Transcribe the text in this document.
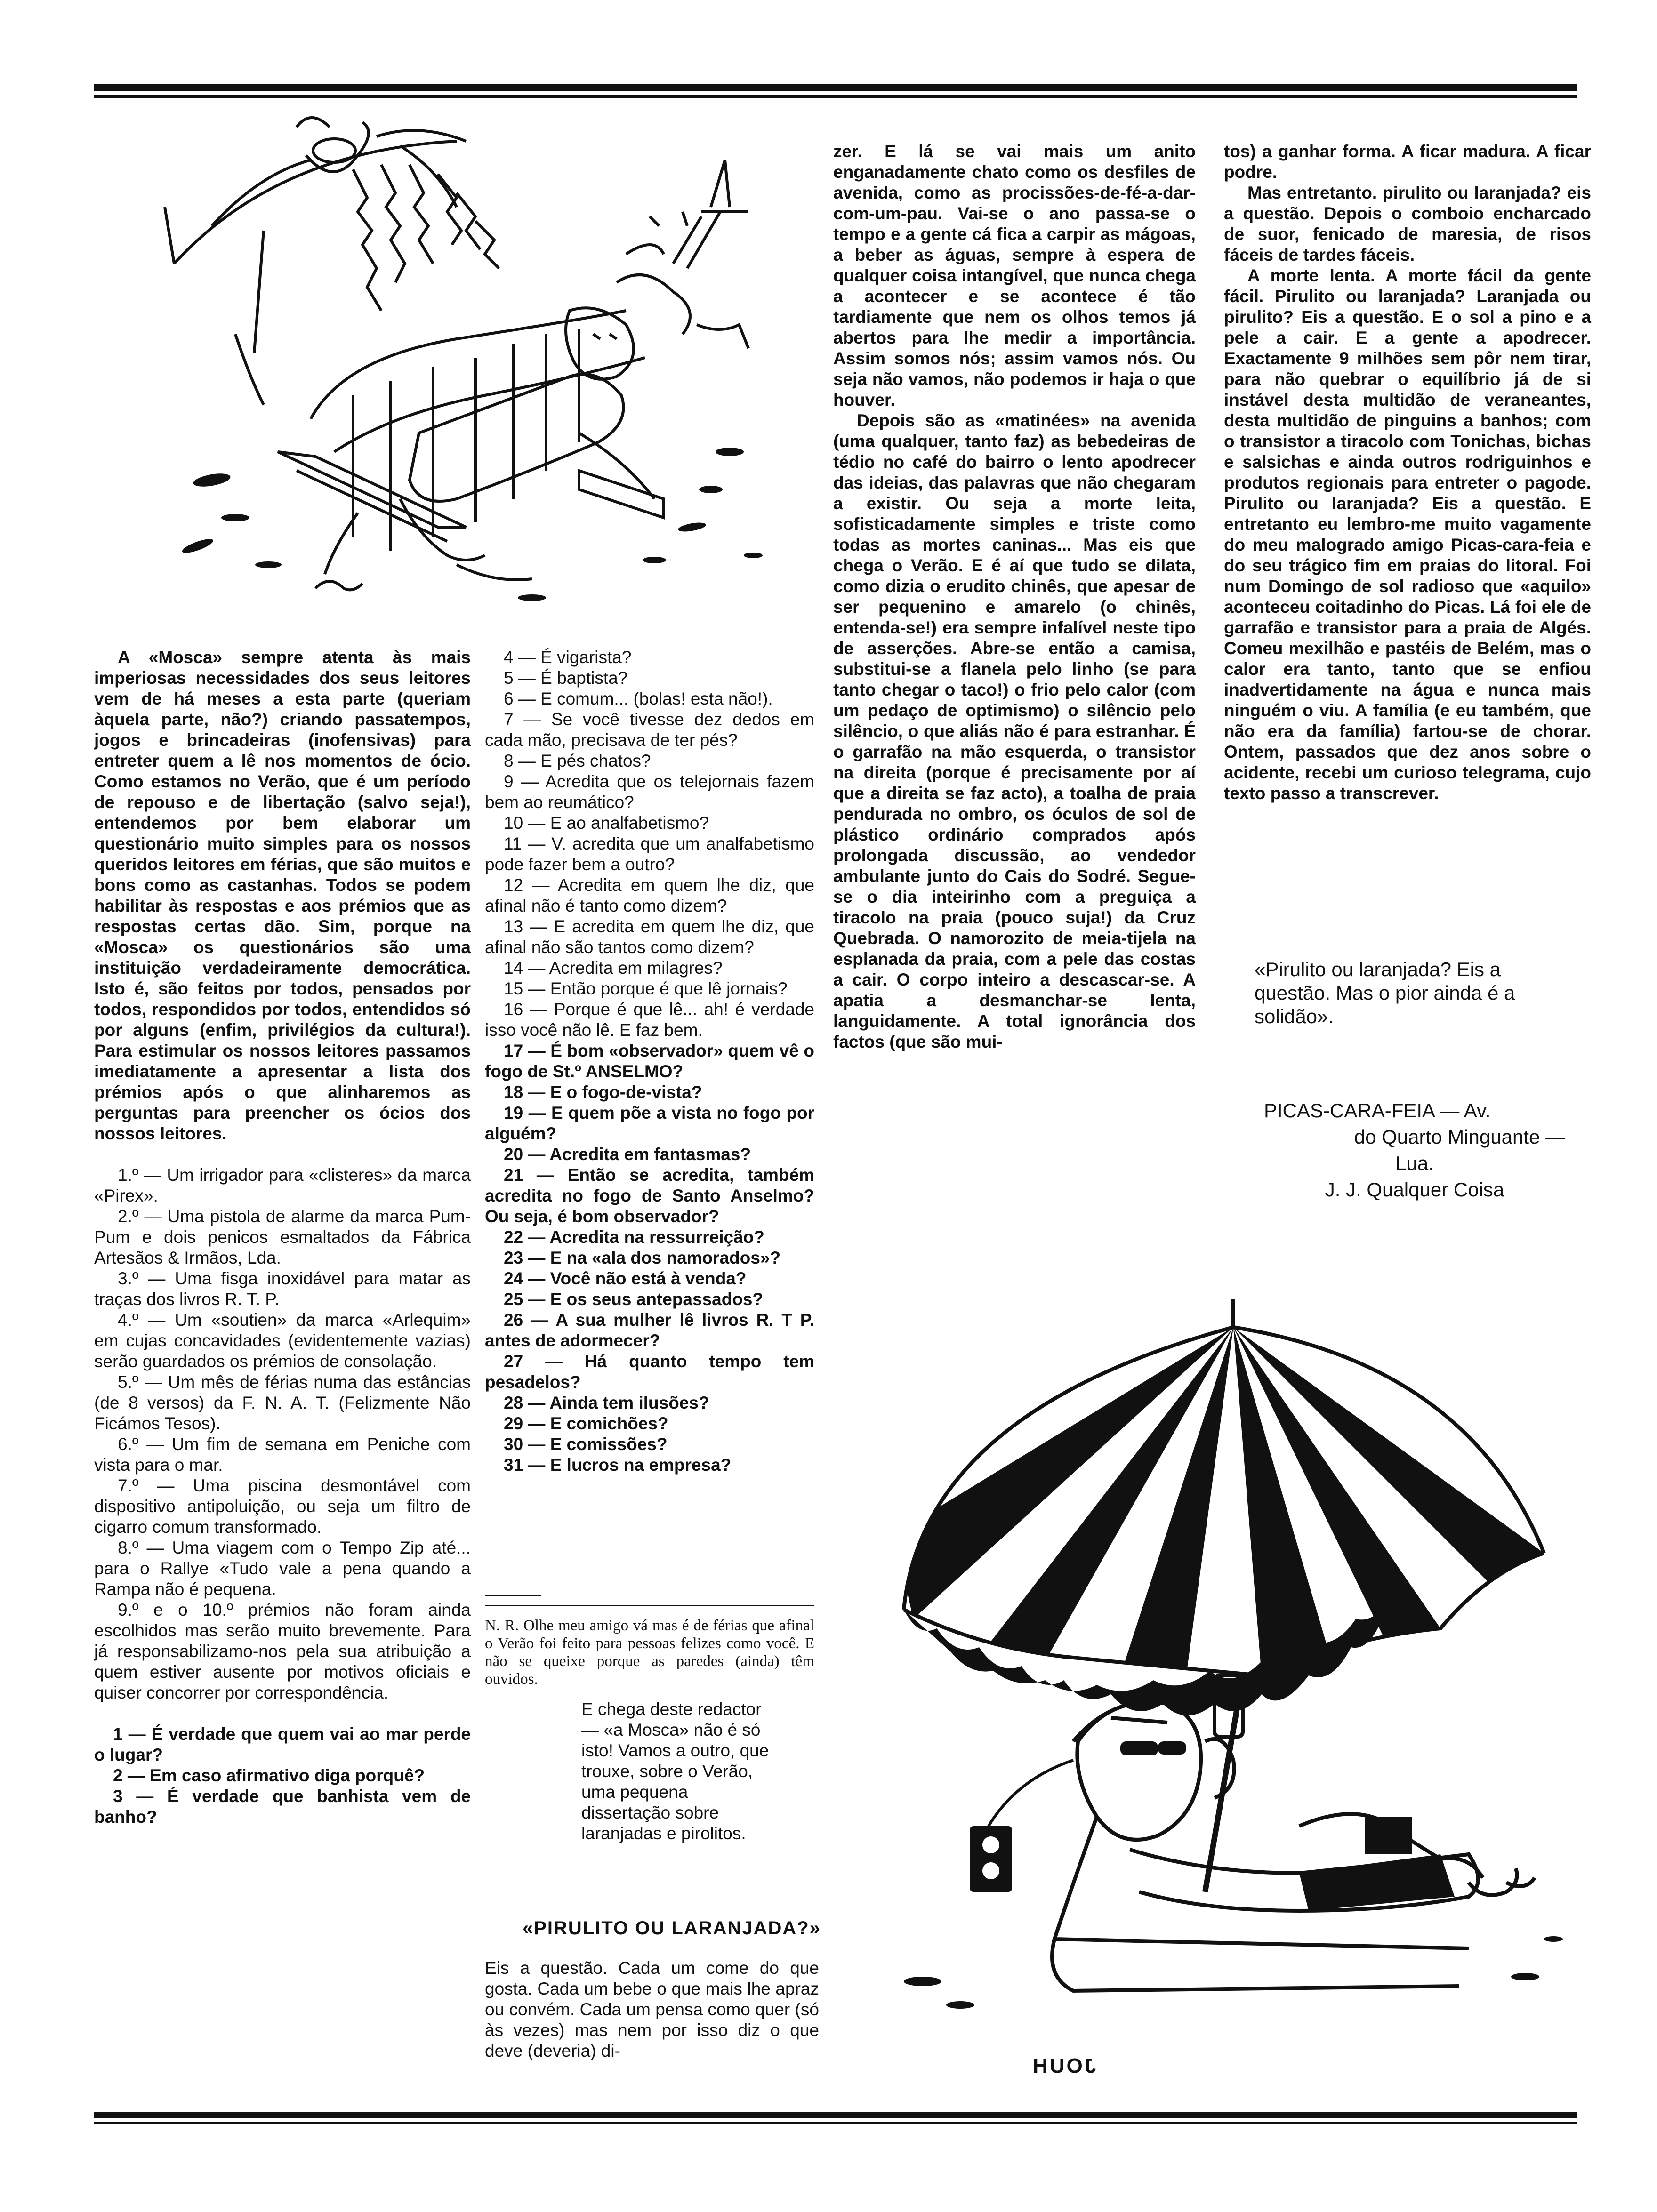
A «Mosca» sempre atenta às mais imperiosas necessidades dos seus leitores vem de há meses a esta parte (queriam àquela parte, não?) criando passatempos, jogos e brincadeiras (inofensivas) para entreter quem a lê nos momentos de ócio. Como estamos no Verão, que é um período de repouso e de libertação (salvo seja!), entendemos por bem elaborar um questionário muito simples para os nossos queridos leitores em férias, que são muitos e bons como as castanhas. Todos se podem habilitar às respostas e aos prémios que as respostas certas dão. Sim, porque na «Mosca» os questionários são uma instituição verdadeiramente democrática. Isto é, são feitos por todos, pensados por todos, respondidos por todos, entendidos só por alguns (enfim, privilégios da cultura!). Para estimular os nossos leitores passamos imediatamente a apresentar a lista dos prémios após o que alinharemos as perguntas para preencher os ócios dos nossos leitores.

1.º — Um irrigador para «clisteres» da marca «Pirex».

2.º — Uma pistola de alarme da marca Pum-Pum e dois penicos esmaltados da Fábrica Artesãos & Irmãos, Lda.

3.º — Uma fisga inoxidável para matar as traças dos livros R. T. P.

4.º — Um «soutien» da marca «Arlequim» em cujas concavidades (evidentemente vazias) serão guardados os prémios de consolação.

5.º — Um mês de férias numa das estâncias (de 8 versos) da F. N. A. T. (Felizmente Não Ficámos Tesos).

6.º — Um fim de semana em Peniche com vista para o mar.

7.º — Uma piscina desmontável com dispositivo antipoluição, ou seja um filtro de cigarro comum transformado.

8.º — Uma viagem com o Tempo Zip até... para o Rallye «Tudo vale a pena quando a Rampa não é pequena.

9.º e o 10.º prémios não foram ainda escolhidos mas serão muito brevemente. Para já responsabilizamo-nos pela sua atribuição a quem estiver ausente por motivos oficiais e quiser concorrer por correspondência.

1 — É verdade que quem vai ao mar perde o lugar?

2 — Em caso afirmativo diga porquê?

3 — É verdade que banhista vem de banho?

4 — É vigarista?

5 — É baptista?

6 — E comum... (bolas! esta não!).

7 — Se você tivesse dez dedos em cada mão, precisava de ter pés?

8 — E pés chatos?

9 — Acredita que os telejornais fazem bem ao reumático?

10 — E ao analfabetismo?

11 — V. acredita que um analfabetismo pode fazer bem a outro?

12 — Acredita em quem lhe diz, que afinal não é tanto como dizem?

13 — E acredita em quem lhe diz, que afinal não são tantos como dizem?

14 — Acredita em milagres?

15 — Então porque é que lê jornais?

16 — Porque é que lê... ah! é verdade isso você não lê. E faz bem.

17 — É bom «observador» quem vê o fogo de St.º ANSELMO?

18 — E o fogo-de-vista?

19 — E quem põe a vista no fogo por alguém?

20 — Acredita em fantasmas?

21 — Então se acredita, também acredita no fogo de Santo Anselmo? Ou seja, é bom observador?

22 — Acredita na ressurreição?

23 — E na «ala dos namorados»?

24 — Você não está à venda?

25 — E os seus antepassados?

26 — A sua mulher lê livros R. T P. antes de adormecer?

27 — Há quanto tempo tem pesadelos?

28 — Ainda tem ilusões?

29 — E comichões?

30 — E comissões?

31 — E lucros na empresa?

N. R. Olhe meu amigo vá mas é de férias que afinal o Verão foi feito para pessoas felizes como você. E não se queixe porque as paredes (ainda) têm ouvidos.
E chega deste redactor — «a Mosca» não é só isto! Vamos a outro, que trouxe, sobre o Verão, uma pequena dissertação sobre laranjadas e pirolitos.
«PIRULITO OU LARANJADA?»
Eis a questão. Cada um come do que gosta. Cada um bebe o que mais lhe apraz ou convém. Cada um pensa como quer (só às vezes) mas nem por isso diz o que deve (deveria) di-

zer. E lá se vai mais um anito enganadamente chato como os desfiles de avenida, como as procissões-de-fé-a-dar-com-um-pau. Vai-se o ano passa-se o tempo e a gente cá fica a carpir as mágoas, a beber as águas, sempre à espera de qualquer coisa intangível, que nunca chega a acontecer e se acontece é tão tardiamente que nem os olhos temos já abertos para lhe medir a importância. Assim somos nós; assim vamos nós. Ou seja não vamos, não podemos ir haja o que houver.

Depois são as «matinées» na avenida (uma qualquer, tanto faz) as bebedeiras de tédio no café do bairro o lento apodrecer das ideias, das palavras que não chegaram a existir. Ou seja a morte leita, sofisticadamente simples e triste como todas as mortes caninas... Mas eis que chega o Verão. E é aí que tudo se dilata, como dizia o erudito chinês, que apesar de ser pequenino e amarelo (o chinês, entenda-se!) era sempre infalível neste tipo de asserções. Abre-se então a camisa, substitui-se a flanela pelo linho (se para tanto chegar o taco!) o frio pelo calor (com um pedaço de optimismo) o silêncio pelo silêncio, o que aliás não é para estranhar. É o garrafão na mão esquerda, o transistor na direita (porque é precisamente por aí que a direita se faz acto), a toalha de praia pendurada no ombro, os óculos de sol de plástico ordinário comprados após prolongada discussão, ao vendedor ambulante junto do Cais do Sodré. Segue-se o dia inteirinho com a preguiça a tiracolo na praia (pouco suja!) da Cruz Quebrada. O namorozito de meia-tijela na esplanada da praia, com a pele das costas a cair. O corpo inteiro a descascar-se. A apatia a desmanchar-se lenta, languidamente. A total ignorância dos factos (que são mui-

tos) a ganhar forma. A ficar madura. A ficar podre.

Mas entretanto. pirulito ou laranjada? eis a questão. Depois o comboio encharcado de suor, fenicado de maresia, de risos fáceis de tardes fáceis.

A morte lenta. A morte fácil da gente fácil. Pirulito ou laranjada? Laranjada ou pirulito? Eis a questão. E o sol a pino e a pele a cair. E a gente a apodrecer. Exactamente 9 milhões sem pôr nem tirar, para não quebrar o equilíbrio já de si instável desta multidão de veraneantes, desta multidão de pinguins a banhos; com o transistor a tiracolo com Tonichas, bichas e salsichas e ainda outros rodriguinhos e produtos regionais para entreter o pagode. Pirulito ou laranjada? Eis a questão. E entretanto eu lembro-me muito vagamente do meu malogrado amigo Picas-cara-feia e do seu trágico fim em praias do litoral. Foi num Domingo de sol radioso que «aquilo» aconteceu coitadinho do Picas. Lá foi ele de garrafão e transistor para a praia de Algés. Comeu mexilhão e pastéis de Belém, mas o calor era tanto, tanto que se enfiou inadvertidamente na água e nunca mais ninguém o viu. A família (e eu também, que não era da família) fartou-se de chorar. Ontem, passados que dez anos sobre o acidente, recebi um curioso telegrama, cujo texto passo a transcrever.

«Pirulito ou laranjada? Eis a questão. Mas o pior ainda é a solidão».

PICAS-CARA-FEIA — Av.

do Quarto Minguante —

Lua.

J. J. Qualquer Coisa

JOUH
